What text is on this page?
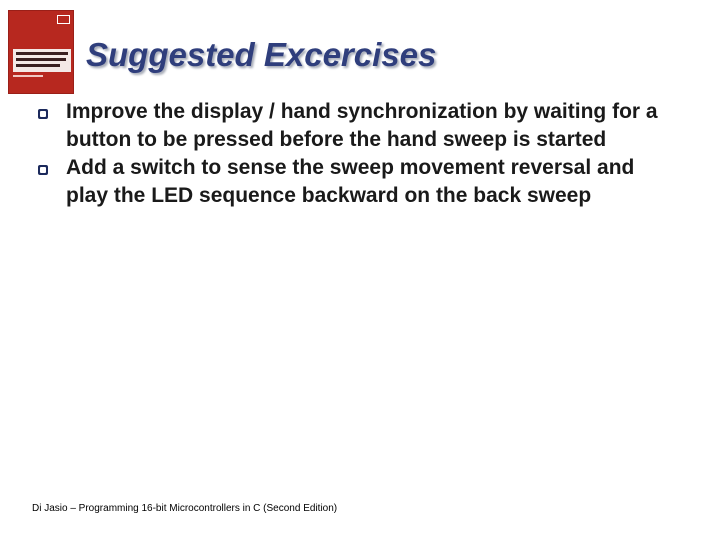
Suggested Excercises
Improve the display / hand synchronization by waiting for a button to be pressed before the hand sweep is started
Add a switch to sense the sweep movement reversal and play the LED sequence backward on the back sweep

Di Jasio – Programming 16-bit Microcontrollers in C (Second Edition)
